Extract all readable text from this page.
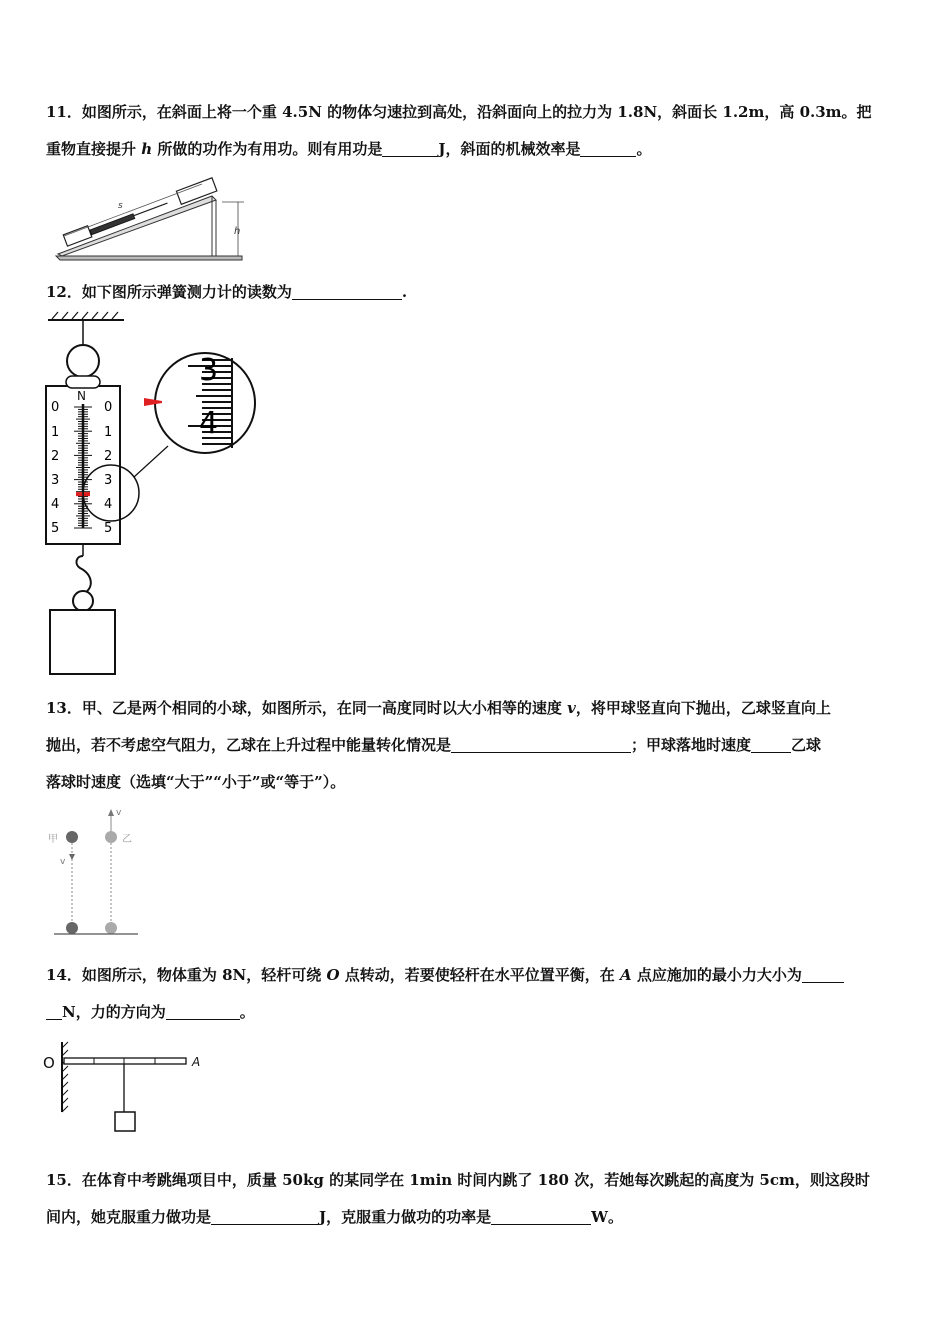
11．如图所示，在斜面上将一个重 4.5N 的物体匀速拉到高处，沿斜面向上的拉力为 1.8N，斜面长 1.2m，高 0.3m。把
重物直接提升 h 所做的功作为有用功。则有用功是	J，斜面的机械效率是	。
s
h
12．如下图所示弹簧测力计的读数为	.
N
0
1
2
3
4
5
0
1
2
3
4
5
3
4
13．甲、乙是两个相同的小球，如图所示，在同一高度同时以大小相等的速度 v，将甲球竖直向下抛出，乙球竖直向上
抛出，若不考虑空气阻力，乙球在上升过程中能量转化情况是	；甲球落地时速度	乙球
落球时速度（选填“大于”“小于”或“等于”）。
甲
v
乙
v
14．如图所示，物体重为 8N，轻杆可绕 O 点转动，若要使轻杆在水平位置平衡，在 A 点应施加的最小力大小为
N，力的方向为	。
O	A
15．在体育中考跳绳项目中，质量 50kg 的某同学在 1min 时间内跳了 180 次，若她每次跳起的高度为 5cm，则这段时
间内，她克服重力做功是	J，克服重力做功的功率是	W。
